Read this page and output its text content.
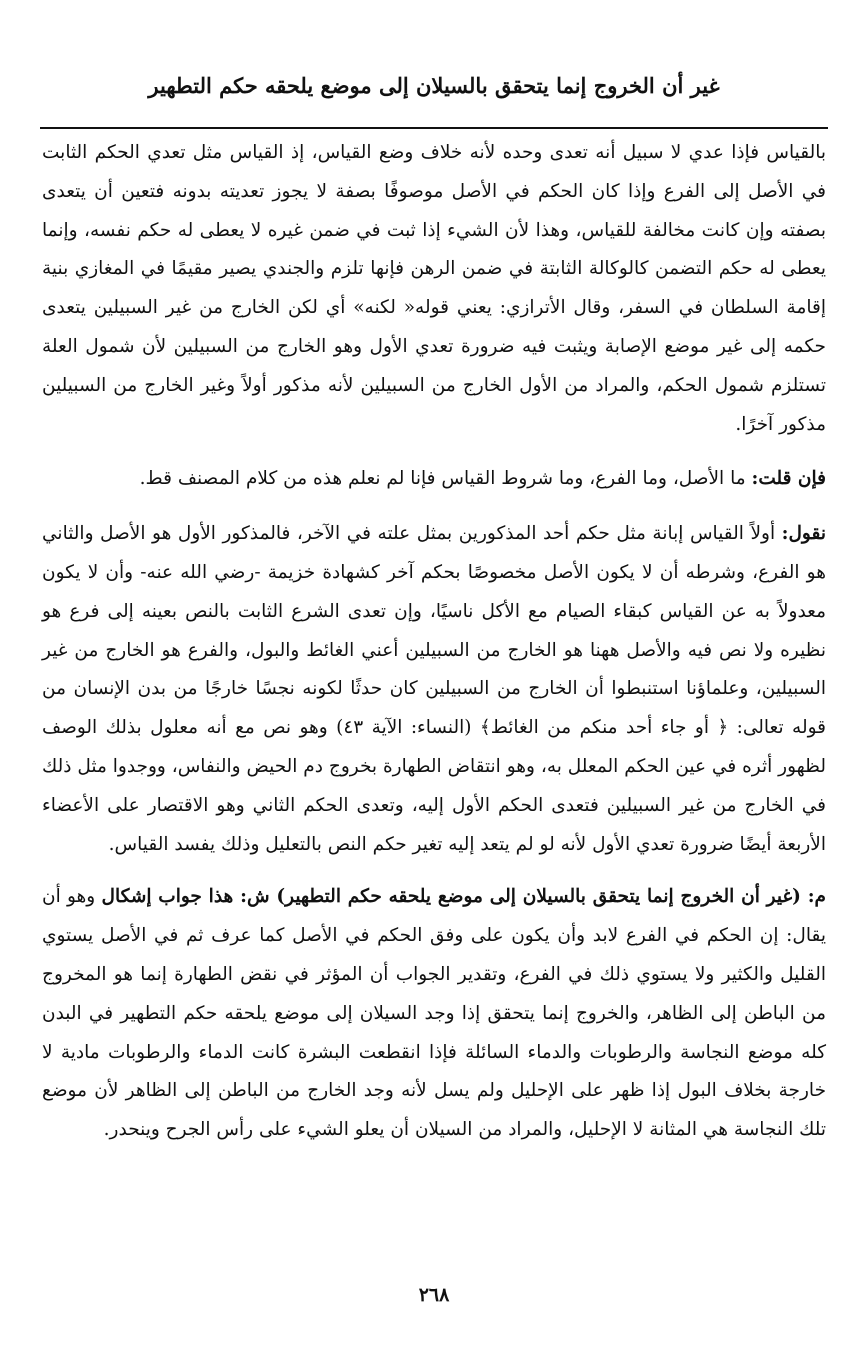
غير أن الخروج إنما يتحقق بالسيلان إلى موضع يلحقه حكم التطهير

بالقياس فإذا عدي لا سبيل أنه تعدى وحده لأنه خلاف وضع القياس، إذ القياس مثل تعدي الحكم الثابت في الأصل إلى الفرع وإذا كان الحكم في الأصل موصوفًا بصفة لا يجوز تعديته بدونه فتعين أن يتعدى بصفته وإن كانت مخالفة للقياس، وهذا لأن الشيء إذا ثبت في ضمن غيره لا يعطى له حكم نفسه، وإنما يعطى له حكم التضمن كالوكالة الثابتة في ضمن الرهن فإنها تلزم والجندي يصير مقيمًا في المغازي بنية إقامة السلطان في السفر، وقال الأترازي: يعني قوله« لكنه» أي لكن الخارج من غير السبيلين يتعدى حكمه إلى غير موضع الإصابة ويثبت فيه ضرورة تعدي الأول وهو الخارج من السبيلين لأن شمول العلة تستلزم شمول الحكم، والمراد من الأول الخارج من السبيلين لأنه مذكور أولاً وغير الخارج من السبيلين مذكور آخرًا.

فإن قلت: ما الأصل، وما الفرع، وما شروط القياس فإنا لم نعلم هذه من كلام المصنف قط.

نقول: أولاً القياس إبانة مثل حكم أحد المذكورين بمثل علته في الآخر، فالمذكور الأول هو الأصل والثاني هو الفرع، وشرطه أن لا يكون الأصل مخصوصًا بحكم آخر كشهادة خزيمة -رضي الله عنه- وأن لا يكون معدولاً به عن القياس كبقاء الصيام مع الأكل ناسيًا، وإن تعدى الشرع الثابت بالنص بعينه إلى فرع هو نظيره ولا نص فيه والأصل ههنا هو الخارج من السبيلين أعني الغائط والبول، والفرع هو الخارج من غير السبيلين، وعلماؤنا استنبطوا أن الخارج من السبيلين كان حدثًا لكونه نجسًا خارجًا من بدن الإنسان من قوله تعالى: ﴿ أو جاء أحد منكم من الغائط﴾ (النساء: الآية ٤٣) وهو نص مع أنه معلول بذلك الوصف لظهور أثره في عين الحكم المعلل به، وهو انتقاض الطهارة بخروج دم الحيض والنفاس، ووجدوا مثل ذلك في الخارج من غير السبيلين فتعدى الحكم الأول إليه، وتعدى الحكم الثاني وهو الاقتصار على الأعضاء الأربعة أيضًا ضرورة تعدي الأول لأنه لو لم يتعد إليه تغير حكم النص بالتعليل وذلك يفسد القياس.

م: (غير أن الخروج إنما يتحقق بالسيلان إلى موضع يلحقه حكم التطهير) ش: هذا جواب إشكال وهو أن يقال: إن الحكم في الفرع لابد وأن يكون على وفق الحكم في الأصل كما عرف ثم في الأصل يستوي القليل والكثير ولا يستوي ذلك في الفرع، وتقدير الجواب أن المؤثر في نقض الطهارة إنما هو المخروج من الباطن إلى الظاهر، والخروج إنما يتحقق إذا وجد السيلان إلى موضع يلحقه حكم التطهير في البدن كله موضع النجاسة والرطوبات والدماء السائلة فإذا انقطعت البشرة كانت الدماء والرطوبات مادية لا خارجة بخلاف البول إذا ظهر على الإحليل ولم يسل لأنه وجد الخارج من الباطن إلى الظاهر لأن موضع تلك النجاسة هي المثانة لا الإحليل، والمراد من السيلان أن يعلو الشيء على رأس الجرح وينحدر.

٢٦٨
